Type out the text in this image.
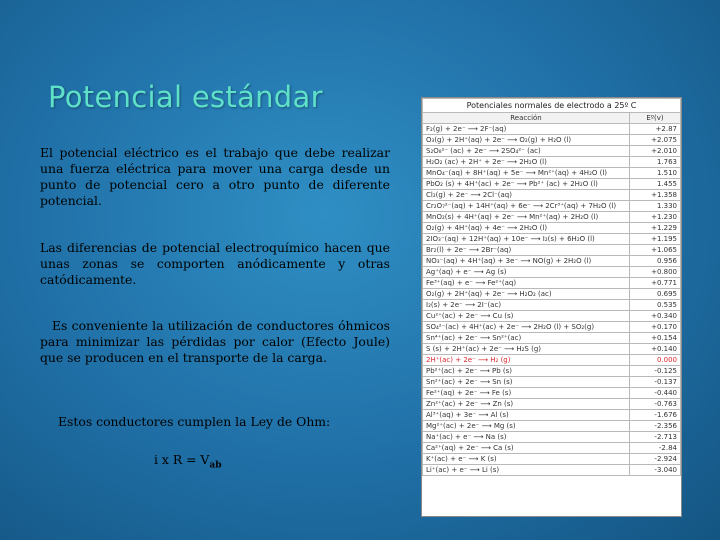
Potencial estándar

El potencial eléctrico es el trabajo que debe realizar una fuerza eléctrica para mover una carga desde un punto de potencial cero a otro punto de diferente potencial.

Las diferencias de potencial electroquímico hacen que unas zonas se comporten anódicamente y otras catódicamente.

Es conveniente la utilización de conductores óhmicos para minimizar las pérdidas por calor (Efecto Joule) que se producen en el transporte de la carga.

Estos conductores cumplen la Ley de Ohm:

i x $R = V_{ab}$

Potenciales normales de electrodo a 25º C	
Reacción	Eº(v)
F₂(g) + 2e⁻ ⟶ 2F⁻(aq)	+2.87
O₃(g) + 2H⁺(aq) + 2e⁻ ⟶ O₂(g) + H₂O (l)	+2.075
S₂O₈²⁻ (ac) + 2e⁻ ⟶ 2SO₄²⁻ (ac)	+2.010
H₂O₂ (ac) + 2H⁺ + 2e⁻ ⟶ 2H₂O (l)	1.763
MnO₄⁻(aq) + 8H⁺(aq) + 5e⁻ ⟶ Mn²⁺(aq) + 4H₂O (l)	1.510
PbO₂ (s) + 4H⁺(ac) + 2e⁻ ⟶ Pb²⁺ (ac) + 2H₂O (l)	1.455
Cl₂(g) + 2e⁻ ⟶ 2Cl⁻(aq)	+1.358
Cr₂O₇²⁻(aq) + 14H⁺(aq) + 6e⁻ ⟶ 2Cr³⁺(aq) + 7H₂O (l)	1.330
MnO₂(s) + 4H⁺(aq) + 2e⁻ ⟶ Mn²⁺(aq) + 2H₂O (l)	+1.230
O₂(g) + 4H⁺(aq) + 4e⁻ ⟶ 2H₂O (l)	+1.229
2IO₃⁻(aq) + 12H⁺(aq) + 10e⁻ ⟶ I₂(s) + 6H₂O (l)	+1.195
Br₂(l) + 2e⁻ ⟶ 2Br⁻(aq)	+1.065
NO₃⁻(aq) + 4H⁺(aq) + 3e⁻ ⟶ NO(g) + 2H₂O (l)	0.956
Ag⁺(aq) + e⁻ ⟶ Ag (s)	+0.800
Fe³⁺(aq) + e⁻ ⟶ Fe²⁺(aq)	+0.771
O₂(g) + 2H⁺(aq) + 2e⁻ ⟶ H₂O₂ (ac)	0.695
I₂(s) + 2e⁻ ⟶ 2I⁻(ac)	0.535
Cu²⁺(ac) + 2e⁻ ⟶ Cu (s)	+0.340
SO₄²⁻(ac) + 4H⁺(ac) + 2e⁻ ⟶ 2H₂O (l) + SO₂(g)	+0.170
Sn⁴⁺(ac) + 2e⁻ ⟶ Sn²⁺(ac)	+0.154
S (s) + 2H⁺(ac) + 2e⁻ ⟶ H₂S (g)	+0.140
2H⁺(ac) + 2e⁻ ⟶ H₂ (g)	0.000
Pb²⁺(ac) + 2e⁻ ⟶ Pb (s)	-0.125
Sn²⁺(ac) + 2e⁻ ⟶ Sn (s)	-0.137
Fe²⁺(aq) + 2e⁻ ⟶ Fe (s)	-0.440
Zn²⁺(ac) + 2e⁻ ⟶ Zn (s)	-0.763
Al³⁺(aq) + 3e⁻ ⟶ Al (s)	-1.676
Mg²⁺(ac) + 2e⁻ ⟶ Mg (s)	-2.356
Na⁺(ac) + e⁻ ⟶ Na (s)	-2.713
Ca²⁺(aq) + 2e⁻ ⟶ Ca (s)	-2.84
K⁺(ac) + e⁻ ⟶ K (s)	-2.924
Li⁺(ac) + e⁻ ⟶ Li (s)	-3.040
